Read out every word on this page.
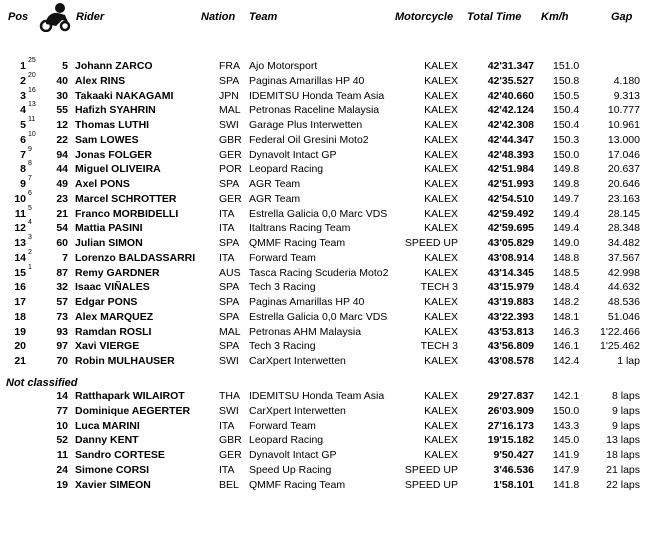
Pos	Rider	Nation Team	Motorcycle Total Time Km/h	Gap
1 25	5 Johann ZARCO	FRA Ajo Motorsport	KALEX	42'31.347 151.0
2 20	40 Alex RINS	SPA Paginas Amarillas HP 40	KALEX	42'35.527 150.8	4.180
3 16	30 Takaaki NAKAGAMI	JPN IDEMITSU Honda Team Asia	KALEX	42'40.660 150.5	9.313
4 13	55 Hafizh SYAHRIN	MAL Petronas Raceline Malaysia	KALEX	42'42.124 150.4	10.777
5 11	12 Thomas LUTHI	SWI Garage Plus Interwetten	KALEX	42'42.308 150.4	10.961
6 10	22 Sam LOWES	GBR Federal Oil Gresini Moto2	KALEX	42'44.347 150.3	13.000
7 9	94 Jonas FOLGER	GER Dynavolt Intact GP	KALEX	42'48.393 150.0	17.046
8 8	44 Miguel OLIVEIRA	POR Leopard Racing	KALEX	42'51.984 149.8	20.637
9 7	49 Axel PONS	SPA AGR Team	KALEX	42'51.993 149.8	20.646
10 6	23 Marcel SCHROTTER	GER AGR Team	KALEX	42'54.510 149.7	23.163
11 5	21 Franco MORBIDELLI	ITA Estrella Galicia 0,0 Marc VDS	KALEX	42'59.492 149.4	28.145
12 4	54 Mattia PASINI	ITA Italtrans Racing Team	KALEX	42'59.695 149.4	28.348
13 3	60 Julian SIMON	SPA QMMF Racing Team	SPEED UP	43'05.829 149.0	34.482
14 2	7 Lorenzo BALDASSARRI ITA Forward Team	KALEX	43'08.914 148.8	37.567
15 1	87 Remy GARDNER	AUS Tasca Racing Scuderia Moto2	KALEX	43'14.345 148.5	42.998
16	32 Isaac VIÑALES	SPA Tech 3 Racing	TECH 3	43'15.979 148.4	44.632
17	57 Edgar PONS	SPA Paginas Amarillas HP 40	KALEX	43'19.883 148.2	48.536
18	73 Alex MARQUEZ	SPA Estrella Galicia 0,0 Marc VDS	KALEX	43'22.393 148.1	51.046
19	93 Ramdan ROSLI	MAL Petronas AHM Malaysia	KALEX	43'53.813 146.3	1'22.466
20	97 Xavi VIERGE	SPA Tech 3 Racing	TECH 3	43'56.809 146.1	1'25.462
21	70 Robin MULHAUSER	SWI CarXpert Interwetten	KALEX	43'08.578 142.4	1 lap
Not classified
14 Ratthapark WILAIROT	THA IDEMITSU Honda Team Asia	KALEX	29'27.837 142.1	8 laps
77 Dominique AEGERTER	SWI CarXpert Interwetten	KALEX	26'03.909 150.0	9 laps
10 Luca MARINI	ITA Forward Team	KALEX	27'16.173 143.3	9 laps
52 Danny KENT	GBR Leopard Racing	KALEX	19'15.182 145.0	13 laps
11 Sandro CORTESE	GER Dynavolt Intact GP	KALEX	9'50.427 141.9	18 laps
24 Simone CORSI	ITA Speed Up Racing	SPEED UP	3'46.536 147.9	21 laps
19 Xavier SIMEON	BEL QMMF Racing Team	SPEED UP	1'58.101 141.8	22 laps
